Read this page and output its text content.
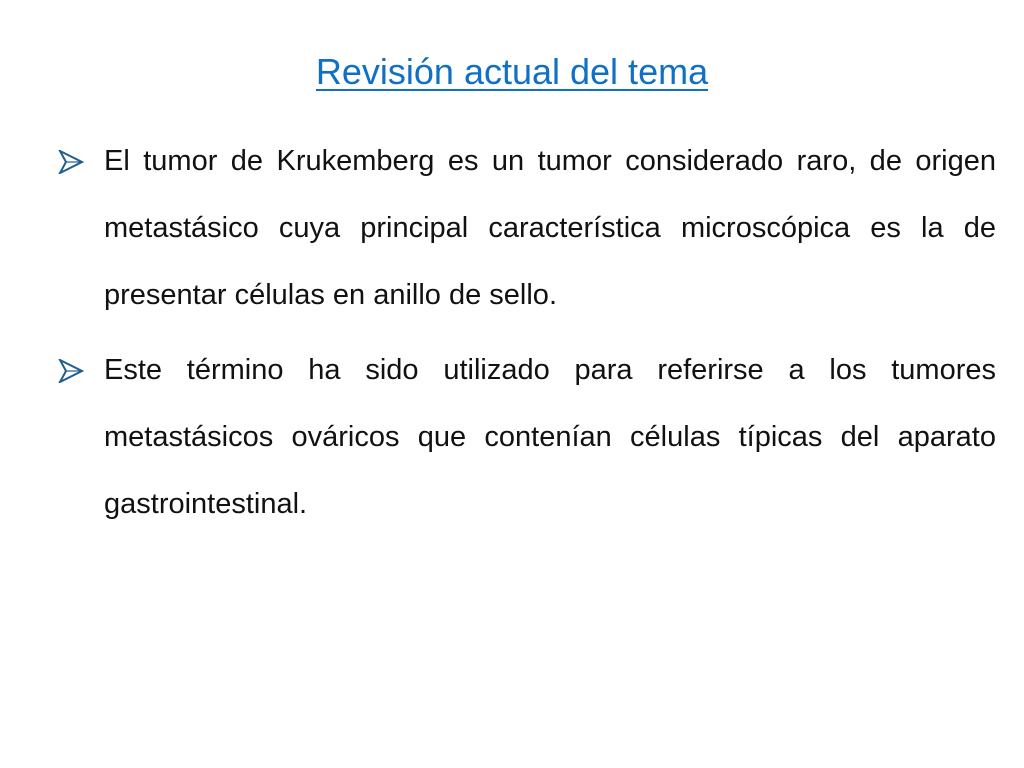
Revisión actual del tema
El tumor de Krukemberg es un tumor considerado raro, de origen metastásico cuya principal característica microscópica es la de presentar células en anillo de sello.
Este término ha sido utilizado para referirse a los tumores metastásicos ováricos que contenían células típicas del aparato gastrointestinal.
